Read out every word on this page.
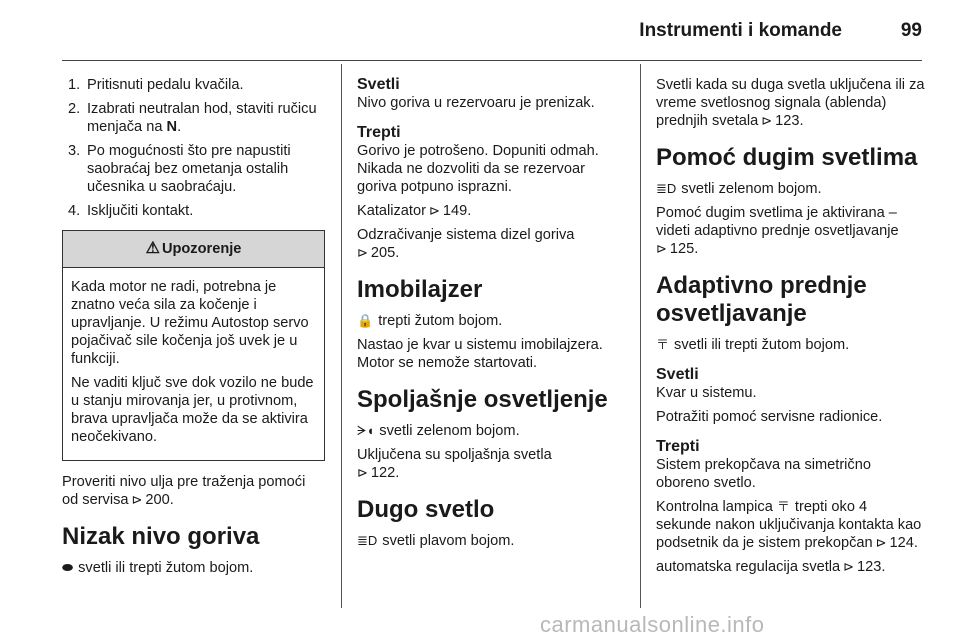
Instrumenti i komande	99
1. Pritisnuti pedalu kvačila.
2. Izabrati neutralan hod, staviti ručicu menjača na N.
3. Po mogućnosti što pre napustiti saobraćaj bez ometanja ostalih učesnika u saobraćaju.
4. Isključiti kontakt.
⚠ Upozorenje

Kada motor ne radi, potrebna je znatno veća sila za kočenje i upravljanje. U režimu Autostop servo pojačivač sile kočenja još uvek je u funkciji.

Ne vaditi ključ sve dok vozilo ne bude u stanju mirovanja jer, u protivnom, brava upravljača može da se aktivira neočekivano.

Proveriti nivo ulja pre traženja pomoći od servisa ⊳ 200.

Nizak nivo goriva

⬬ svetli ili trepti žutom bojom.

Svetli

Nivo goriva u rezervoaru je prenizak.

Trepti

Gorivo je potrošeno. Dopuniti odmah. Nikada ne dozvoliti da se rezervoar goriva potpuno isprazni.

Katalizator ⊳ 149.

Odzračivanje sistema dizel goriva
⊳ 205.

Imobilajzer

🔒 trepti žutom bojom.

Nastao je kvar u sistemu imobilajzera. Motor se nemože startovati.

Spoljašnje osvetljenje

ᗒ◖ svetli zelenom bojom.

Uključena su spoljašnja svetla
⊳ 122.

Dugo svetlo

≣D svetli plavom bojom.

Svetli kada su duga svetla uključena ili za vreme svetlosnog signala (ablenda) prednjih svetala ⊳ 123.

Pomoć dugim svetlima

≣D svetli zelenom bojom.

Pomoć dugim svetlima je aktivirana – videti adaptivno prednje osvetljavanje
⊳ 125.

Adaptivno prednje osvetljavanje

〒 svetli ili trepti žutom bojom.

Svetli

Kvar u sistemu.

Potražiti pomoć servisne radionice.

Trepti

Sistem prekopčava na simetrično oboreno svetlo.

Kontrolna lampica 〒 trepti oko 4 sekunde nakon uključivanja kontakta kao podsetnik da je sistem prekopčan ⊳ 124.

automatska regulacija svetla ⊳ 123.

carmanualsonline.info
